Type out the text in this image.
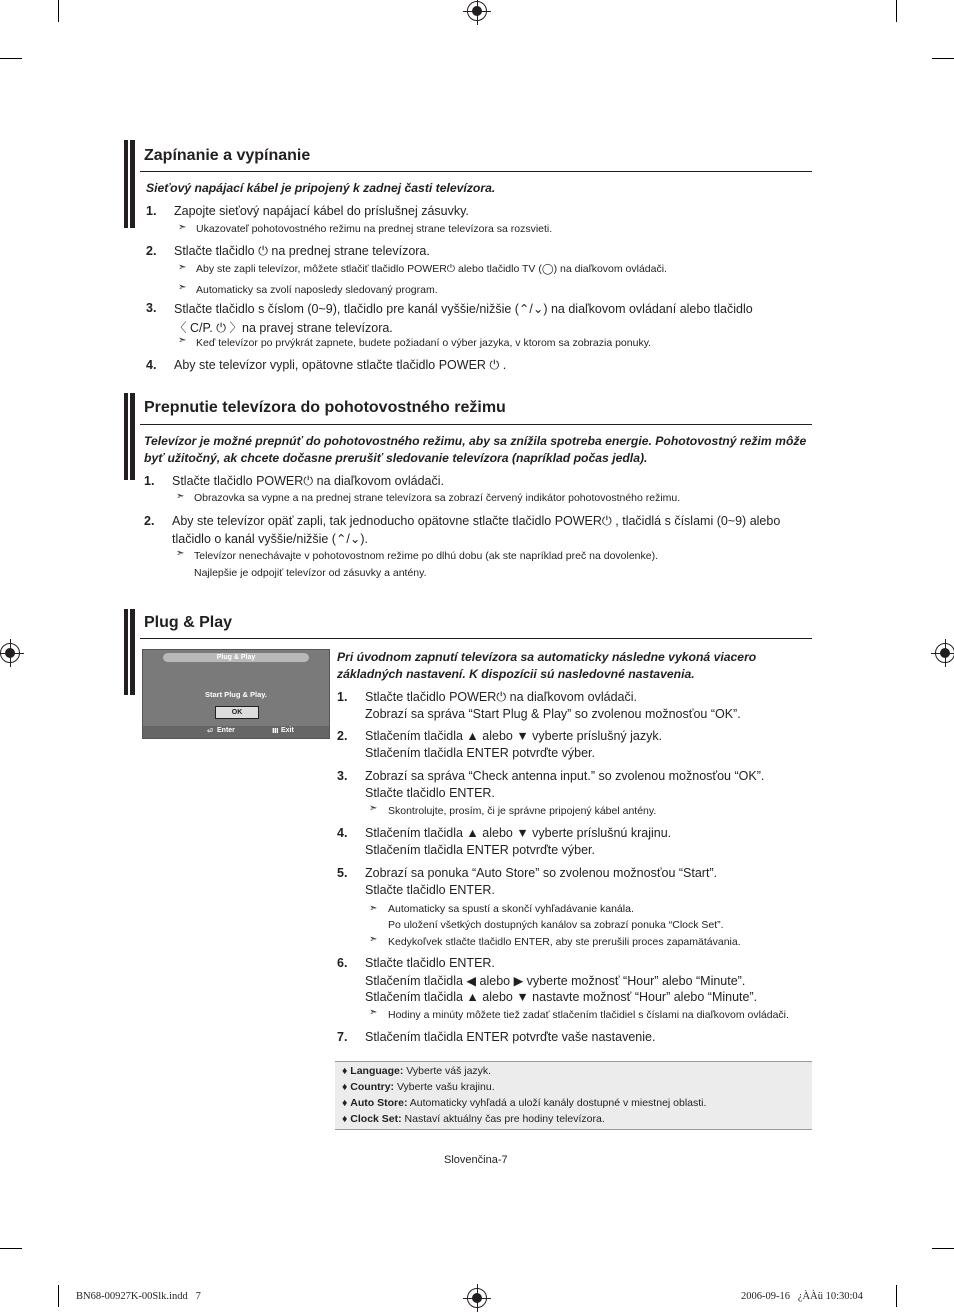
Zapínanie a vypínanie
Sieťový napájací kábel je pripojený k zadnej časti televízora.
1. Zapojte sieťový napájací kábel do príslušnej zásuvky.
➣ Ukazovateľ pohotovostného režimu na prednej strane televízora sa rozsvieti.
2. Stlačte tlačidlo ⏻ na prednej strane televízora.
➣ Aby ste zapli televízor, môžete stlačiť tlačidlo POWER⏻ alebo tlačidlo TV (◯) na diaľkovom ovládači.
➣ Automaticky sa zvolí naposledy sledovaný program.
3. Stlačte tlačidlo s číslom (0~9), tlačidlo pre kanál vyššie/nižšie (⌃/⌄) na diaľkovom ovládaní alebo tlačidlo
〈 C/P. ⏻ 〉na pravej strane televízora.
➣ Keď televízor po prvýkrát zapnete, budete požiadaní o výber jazyka, v ktorom sa zobrazia ponuky.
4. Aby ste televízor vypli, opätovne stlačte tlačidlo POWER ⏻ .
Prepnutie televízora do pohotovostného režimu
Televízor je možné prepnúť do pohotovostného režimu, aby sa znížila spotreba energie. Pohotovostný režim môže
byť užitočný, ak chcete dočasne prerušiť sledovanie televízora (napríklad počas jedla).
1. Stlačte tlačidlo POWER⏻ na diaľkovom ovládači.
➣ Obrazovka sa vypne a na prednej strane televízora sa zobrazí červený indikátor pohotovostného režimu.
2. Aby ste televízor opäť zapli, tak jednoducho opätovne stlačte tlačidlo POWER⏻ , tlačidlá s číslami (0~9) alebo
tlačidlo o kanál vyššie/nižšie (⌃/⌄).
➣ Televízor nenechávajte v pohotovostnom režime po dlhú dobu (ak ste napríklad preč na dovolenke).
Najlepšie je odpojiť televízor od zásuvky a antény.
Plug & Play
Plug & Play
Start Plug & Play.
OK
⏎ Enter	Ⅲ Exit
Pri úvodnom zapnutí televízora sa automaticky následne vykoná viacero
základných nastavení. K dispozícii sú nasledovné nastavenia.
1. Stlačte tlačidlo POWER⏻ na diaľkovom ovládači.
Zobrazí sa správa “Start Plug & Play” so zvolenou možnosťou “OK”.
2. Stlačením tlačidla ▲ alebo ▼ vyberte príslušný jazyk.
Stlačením tlačidla ENTER potvrďte výber.
3. Zobrazí sa správa “Check antenna input.” so zvolenou možnosťou “OK”.
Stlačte tlačidlo ENTER.
➣ Skontrolujte, prosím, či je správne pripojený kábel antény.
4. Stlačením tlačidla ▲ alebo ▼ vyberte príslušnú krajinu.
Stlačením tlačidla ENTER potvrďte výber.
5. Zobrazí sa ponuka “Auto Store” so zvolenou možnosťou “Start”.
Stlačte tlačidlo ENTER.
➣ Automaticky sa spustí a skončí vyhľadávanie kanála.
Po uložení všetkých dostupných kanálov sa zobrazí ponuka “Clock Set”.
➣ Kedykoľvek stlačte tlačidlo ENTER, aby ste prerušili proces zapamätávania.
6. Stlačte tlačidlo ENTER.
Stlačením tlačidla ◀ alebo ▶ vyberte možnosť “Hour” alebo “Minute”.
Stlačením tlačidla ▲ alebo ▼ nastavte možnosť “Hour” alebo “Minute”.
➣ Hodiny a minúty môžete tiež zadať stlačením tlačidiel s číslami na diaľkovom ovládači.
7. Stlačením tlačidla ENTER potvrďte vaše nastavenie.
♦ Language: Vyberte váš jazyk.
♦ Country: Vyberte vašu krajinu.
♦ Auto Store: Automaticky vyhľadá a uloží kanály dostupné v miestnej oblasti.
♦ Clock Set: Nastaví aktuálny čas pre hodiny televízora.
Slovenčina-7
BN68-00927K-00Slk.indd   7	2006-09-16   ¿ÀÀü 10:30:04
